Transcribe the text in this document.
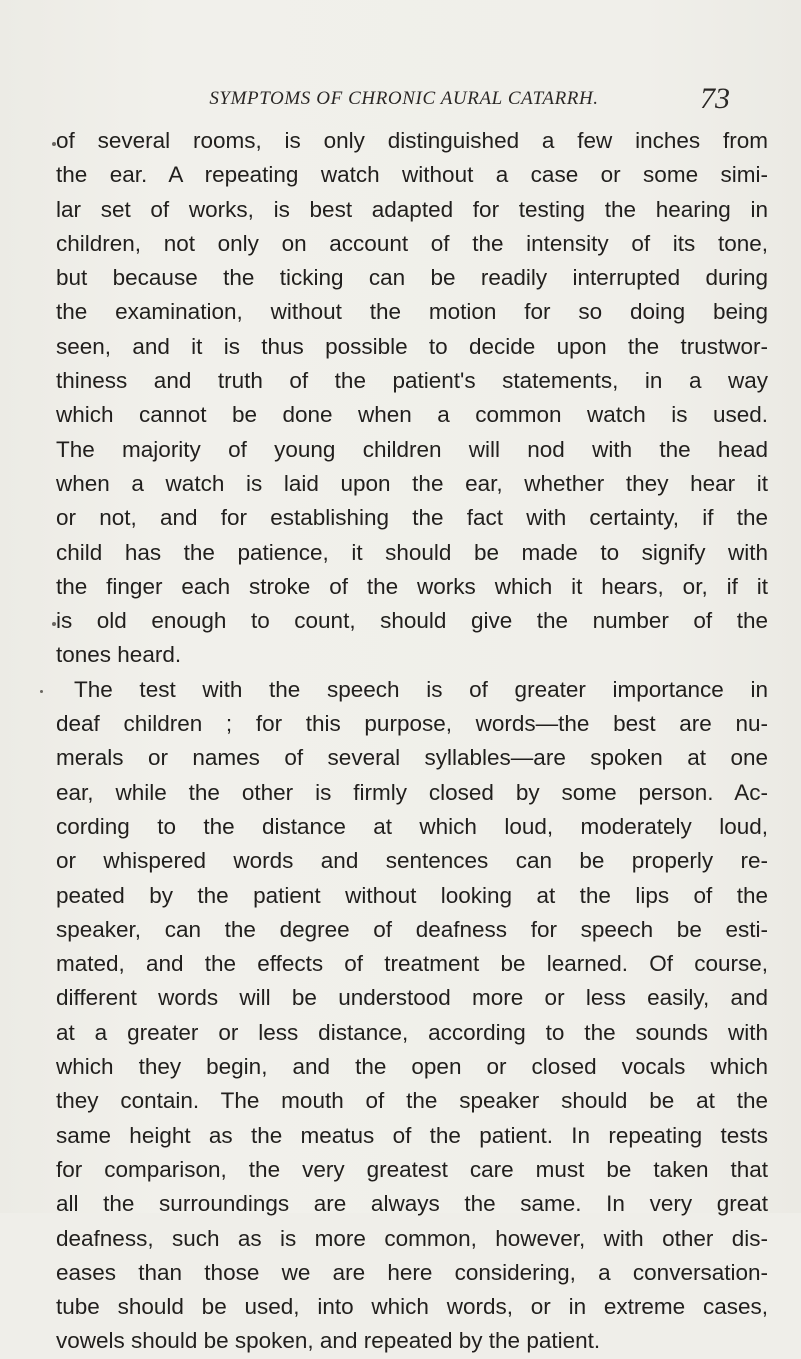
SYMPTOMS OF CHRONIC AURAL CATARRH.	73
of several rooms, is only distinguished a few inches from
the ear. A repeating watch without a case or some simi-
lar set of works, is best adapted for testing the hearing in
children, not only on account of the intensity of its tone,
but because the ticking can be readily interrupted during
the examination, without the motion for so doing being
seen, and it is thus possible to decide upon the trustwor-
thiness and truth of the patient's statements, in a way
which cannot be done when a common watch is used.
The majority of young children will nod with the head
when a watch is laid upon the ear, whether they hear it
or not, and for establishing the fact with certainty, if the
child has the patience, it should be made to signify with
the finger each stroke of the works which it hears, or, if it
is old enough to count, should give the number of the
tones heard.
The test with the speech is of greater importance in
deaf children ; for this purpose, words—the best are nu-
merals or names of several syllables—are spoken at one
ear, while the other is firmly closed by some person. Ac-
cording to the distance at which loud, moderately loud,
or whispered words and sentences can be properly re-
peated by the patient without looking at the lips of the
speaker, can the degree of deafness for speech be esti-
mated, and the effects of treatment be learned. Of course,
different words will be understood more or less easily, and
at a greater or less distance, according to the sounds with
which they begin, and the open or closed vocals which
they contain. The mouth of the speaker should be at the
same height as the meatus of the patient. In repeating tests
for comparison, the very greatest care must be taken that
all the surroundings are always the same. In very great
deafness, such as is more common, however, with other dis-
eases than those we are here considering, a conversation-
tube should be used, into which words, or in extreme cases,
vowels should be spoken, and repeated by the patient.
